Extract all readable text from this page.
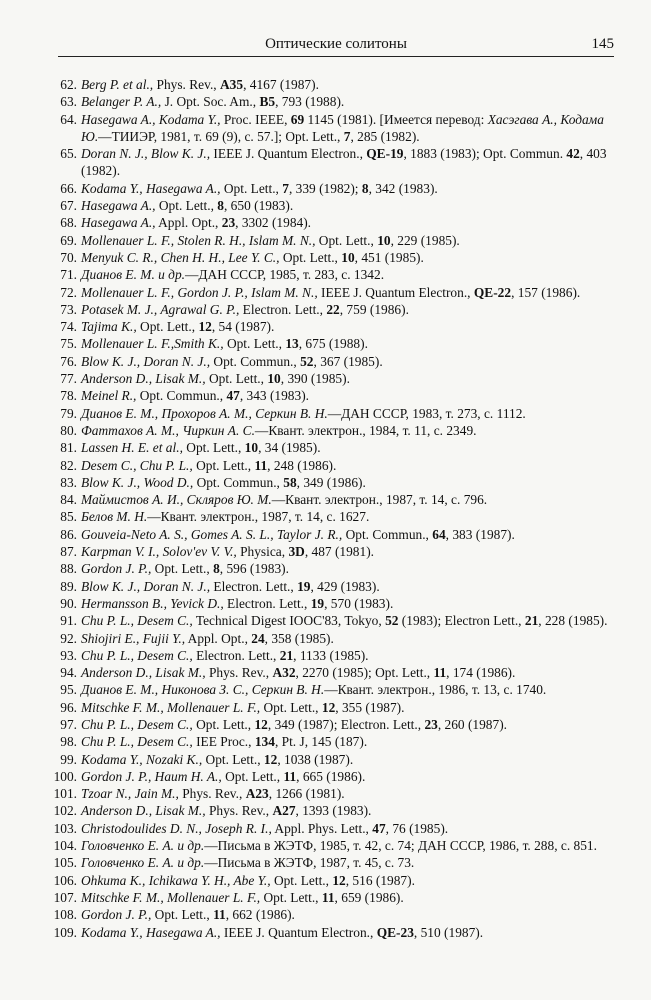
Оптические солитоны	145
62. Berg P. et al., Phys. Rev., A35, 4167 (1987).
63. Belanger P. A., J. Opt. Soc. Am., B5, 793 (1988).
64. Hasegawa A., Kodama Y., Proc. IEEE, 69 1145 (1981). [Имеется перевод: Хасэгава А., Кодама Ю.—ТИИЭР, 1981, т. 69 (9), с. 57.]; Opt. Lett., 7, 285 (1982).
65. Doran N. J., Blow K. J., IEEE J. Quantum Electron., QE-19, 1883 (1983); Opt. Commun. 42, 403 (1982).
66. Kodama Y., Hasegawa A., Opt. Lett., 7, 339 (1982); 8, 342 (1983).
67. Hasegawa A., Opt. Lett., 8, 650 (1983).
68. Hasegawa A., Appl. Opt., 23, 3302 (1984).
69. Mollenauer L. F., Stolen R. H., Islam M. N., Opt. Lett., 10, 229 (1985).
70. Menyuk C. R., Chen H. H., Lee Y. C., Opt. Lett., 10, 451 (1985).
71. Дианов Е. М. и др.—ДАН СССР, 1985, т. 283, с. 1342.
72. Mollenauer L. F., Gordon J. P., Islam M. N., IEEE J. Quantum Electron., QE-22, 157 (1986).
73. Potasek M. J., Agrawal G. P., Electron. Lett., 22, 759 (1986).
74. Tajima K., Opt. Lett., 12, 54 (1987).
75. Mollenauer L. F.,Smith K., Opt. Lett., 13, 675 (1988).
76. Blow K. J., Doran N. J., Opt. Commun., 52, 367 (1985).
77. Anderson D., Lisak M., Opt. Lett., 10, 390 (1985).
78. Meinel R., Opt. Commun., 47, 343 (1983).
79. Дианов Е. М., Прохоров А. М., Серкин В. Н.—ДАН СССР, 1983, т. 273, с. 1112.
80. Фаттахов А. М., Чиркин А. С.—Квант. электрон., 1984, т. 11, с. 2349.
81. Lassen H. E. et al., Opt. Lett., 10, 34 (1985).
82. Desem C., Chu P. L., Opt. Lett., 11, 248 (1986).
83. Blow K. J., Wood D., Opt. Commun., 58, 349 (1986).
84. Маймистов А. И., Скляров Ю. М.—Квант. электрон., 1987, т. 14, с. 796.
85. Белов М. Н.—Квант. электрон., 1987, т. 14, с. 1627.
86. Gouveia-Neto A. S., Gomes A. S. L., Taylor J. R., Opt. Commun., 64, 383 (1987).
87. Karpman V. I., Solov'ev V. V., Physica, 3D, 487 (1981).
88. Gordon J. P., Opt. Lett., 8, 596 (1983).
89. Blow K. J., Doran N. J., Electron. Lett., 19, 429 (1983).
90. Hermansson B., Yevick D., Electron. Lett., 19, 570 (1983).
91. Chu P. L., Desem C., Technical Digest IOOC'83, Tokyo, 52 (1983); Electron Lett., 21, 228 (1985).
92. Shiojiri E., Fujii Y., Appl. Opt., 24, 358 (1985).
93. Chu P. L., Desem C., Electron. Lett., 21, 1133 (1985).
94. Anderson D., Lisak M., Phys. Rev., A32, 2270 (1985); Opt. Lett., 11, 174 (1986).
95. Дианов Е. М., Никонова З. С., Серкин В. Н.—Квант. электрон., 1986, т. 13, с. 1740.
96. Mitschke F. M., Mollenauer L. F., Opt. Lett., 12, 355 (1987).
97. Chu P. L., Desem C., Opt. Lett., 12, 349 (1987); Electron. Lett., 23, 260 (1987).
98. Chu P. L., Desem C., IEE Proc., 134, Pt. J, 145 (187).
99. Kodama Y., Nozaki K., Opt. Lett., 12, 1038 (1987).
100. Gordon J. P., Haum H. A., Opt. Lett., 11, 665 (1986).
101. Tzoar N., Jain M., Phys. Rev., A23, 1266 (1981).
102. Anderson D., Lisak M., Phys. Rev., A27, 1393 (1983).
103. Christodoulides D. N., Joseph R. I., Appl. Phys. Lett., 47, 76 (1985).
104. Головченко Е. А. и др.—Письма в ЖЭТФ, 1985, т. 42, с. 74; ДАН СССР, 1986, т. 288, с. 851.
105. Головченко Е. А. и др.—Письма в ЖЭТФ, 1987, т. 45, с. 73.
106. Ohkuma K., Ichikawa Y. H., Abe Y., Opt. Lett., 12, 516 (1987).
107. Mitschke F. M., Mollenauer L. F., Opt. Lett., 11, 659 (1986).
108. Gordon J. P., Opt. Lett., 11, 662 (1986).
109. Kodama Y., Hasegawa A., IEEE J. Quantum Electron., QE-23, 510 (1987).
